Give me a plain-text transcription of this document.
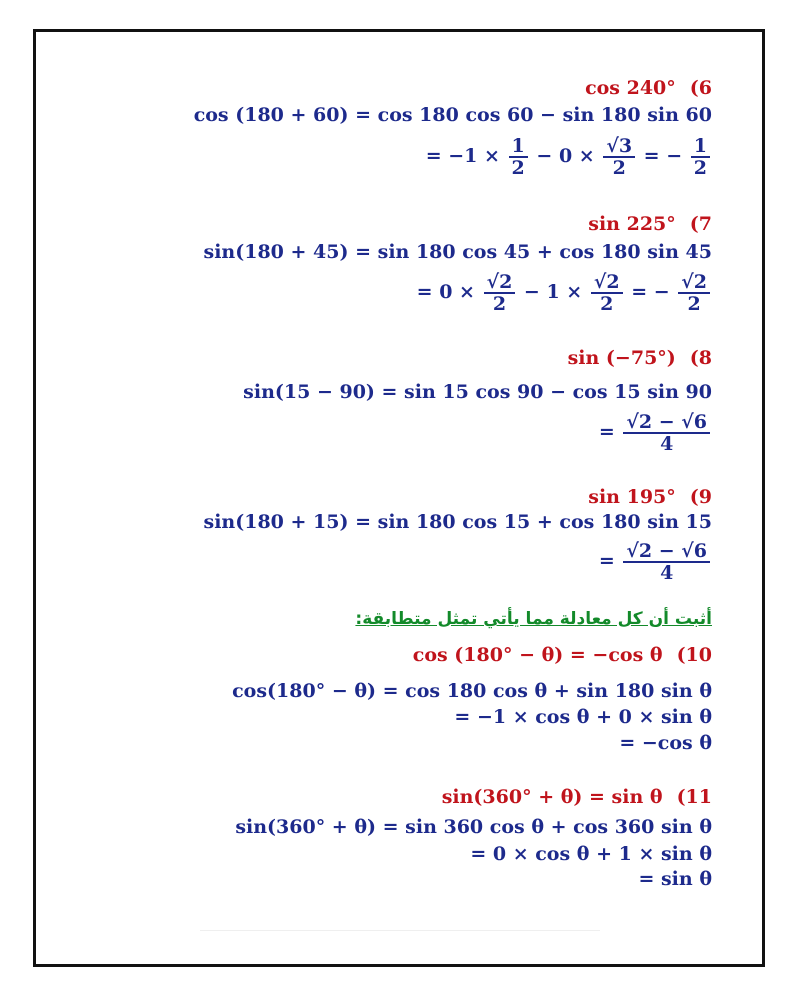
cos 240° (6
cos (180 + 60) = cos 180 cos 60 − sin 180 sin 60
= $-1 \times \frac{1}{2} - 0 \times \frac{√3}{2}$ = − $\frac{1}{2}$
sin 225° (7
sin(180 + 45) = sin 180 cos 45 + cos 180 sin 45
= $0 \times \frac{√2}{2} - 1 \times \frac{√2}{2}$ = − $\frac{√2}{2}$
sin (−75°) (8
sin(15 − 90) = sin 15 cos 90 − cos 15 sin 90
= $\frac{√2 - √6}{4}$
sin 195° (9
sin(180 + 15) = sin 180 cos 15 + cos 180 sin 15
= $\frac{√2 - √6}{4}$
أثبت أن كل معادلة مما يأتي تمثل متطابقة:
cos (180° − θ) = −cos θ (10
cos(180° − θ) = cos 180 cos θ + sin 180 sin θ
= −1 × cos θ + 0 × sin θ
= −cos θ
sin(360° + θ) = sin θ (11
sin(360° + θ) = sin 360 cos θ + cos 360 sin θ
= 0 × cos θ + 1 × sin θ
= sin θ
